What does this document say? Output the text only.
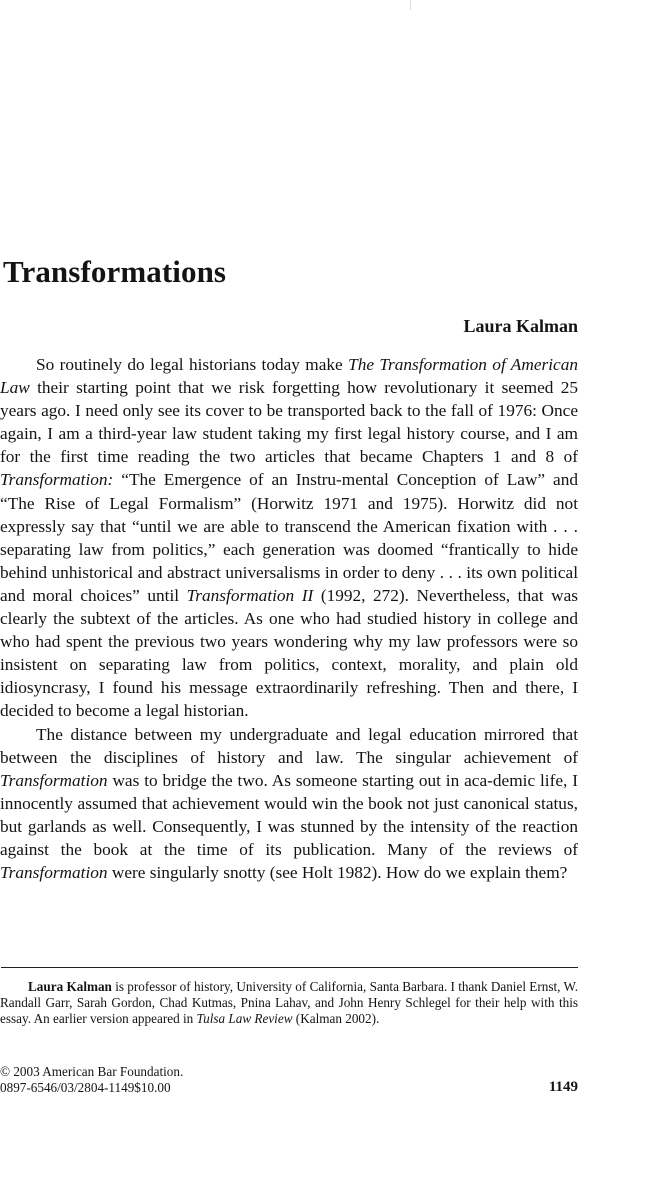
Transformations
Laura Kalman

So routinely do legal historians today make The Transformation of American Law their starting point that we risk forgetting how revolutionary it seemed 25 years ago. I need only see its cover to be transported back to the fall of 1976: Once again, I am a third-year law student taking my first legal history course, and I am for the first time reading the two articles that became Chapters 1 and 8 of Transformation: “The Emergence of an Instru-mental Conception of Law” and “The Rise of Legal Formalism” (Horwitz 1971 and 1975). Horwitz did not expressly say that “until we are able to transcend the American fixation with . . . separating law from politics,” each generation was doomed “frantically to hide behind unhistorical and abstract universalisms in order to deny . . . its own political and moral choices” until Transformation II (1992, 272). Nevertheless, that was clearly the subtext of the articles. As one who had studied history in college and who had spent the previous two years wondering why my law professors were so insistent on separating law from politics, context, morality, and plain old idiosyncrasy, I found his message extraordinarily refreshing. Then and there, I decided to become a legal historian.

The distance between my undergraduate and legal education mirrored that between the disciplines of history and law. The singular achievement of Transformation was to bridge the two. As someone starting out in aca-demic life, I innocently assumed that achievement would win the book not just canonical status, but garlands as well. Consequently, I was stunned by the intensity of the reaction against the book at the time of its publication. Many of the reviews of Transformation were singularly snotty (see Holt 1982). How do we explain them?

Laura Kalman is professor of history, University of California, Santa Barbara. I thank Daniel Ernst, W. Randall Garr, Sarah Gordon, Chad Kutmas, Pnina Lahav, and John Henry Schlegel for their help with this essay. An earlier version appeared in Tulsa Law Review (Kalman 2002).

© 2003 American Bar Foundation.
0897-6546/03/2804-1149$10.00	1149
